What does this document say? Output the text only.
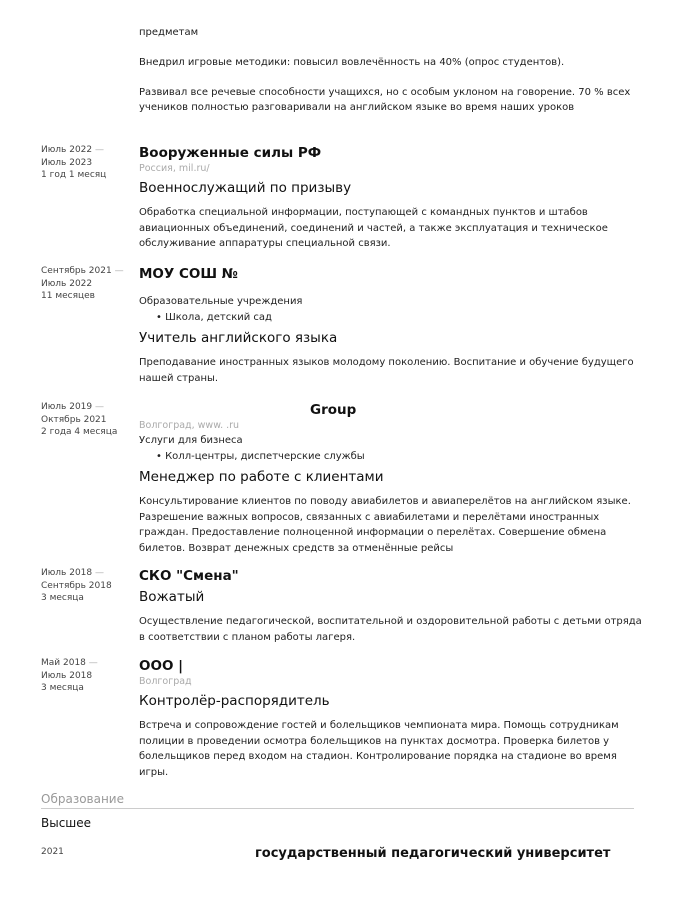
предметам

Внедрил игровые методики: повысил вовлечённость на 40% (опрос студентов).

Развивал все речевые способности учащихся, но с особым уклоном на говорение. 70 % всех учеников полностью разговаривали на английском языке во время наших уроков

Июль 2022 —
Июль 2023
1 год 1 месяц
Вооруженные силы РФ
Россия, mil.ru/
Военнослужащий по призыву
Обработка специальной информации, поступающей с командных пунктов и штабов авиационных объединений, соединений и частей, а также эксплуатация и техническое обслуживание аппаратуры специальной связи.
Сентябрь 2021 —
Июль 2022
11 месяцев
МОУ СОШ №
Образовательные учреждения
• Школа, детский сад
Учитель английского языка
Преподавание иностранных языков молодому поколению. Воспитание и обучение будущего нашей страны.
Июль 2019 —
Октябрь 2021
2 года 4 месяца
Group
Волгоград, www. .ru
Услуги для бизнеса
• Колл-центры, диспетчерские службы
Менеджер по работе с клиентами
Консультирование клиентов по поводу авиабилетов и авиаперелётов на английском языке. Разрешение важных вопросов, связанных с авиабилетами и перелётами иностранных граждан. Предоставление полноценной информации о перелётах. Совершение обмена билетов. Возврат денежных средств за отменённые рейсы
Июль 2018 —
Сентябрь 2018
3 месяца
СКО "Смена"
Вожатый
Осуществление педагогической, воспитательной и оздоровительной работы с детьми отряда в соответствии с планом работы лагеря.
Май 2018 —
Июль 2018
3 месяца
ООО |
Волгоград
Контролёр-распорядитель
Встреча и сопровождение гостей и болельщиков чемпионата мира. Помощь сотрудникам полиции в проведении осмотра болельщиков на пунктах досмотра. Проверка билетов у болельщиков перед входом на стадион. Контролирование порядка на стадионе во время игры.
Образование
Высшее
2021	государственный педагогический университет
